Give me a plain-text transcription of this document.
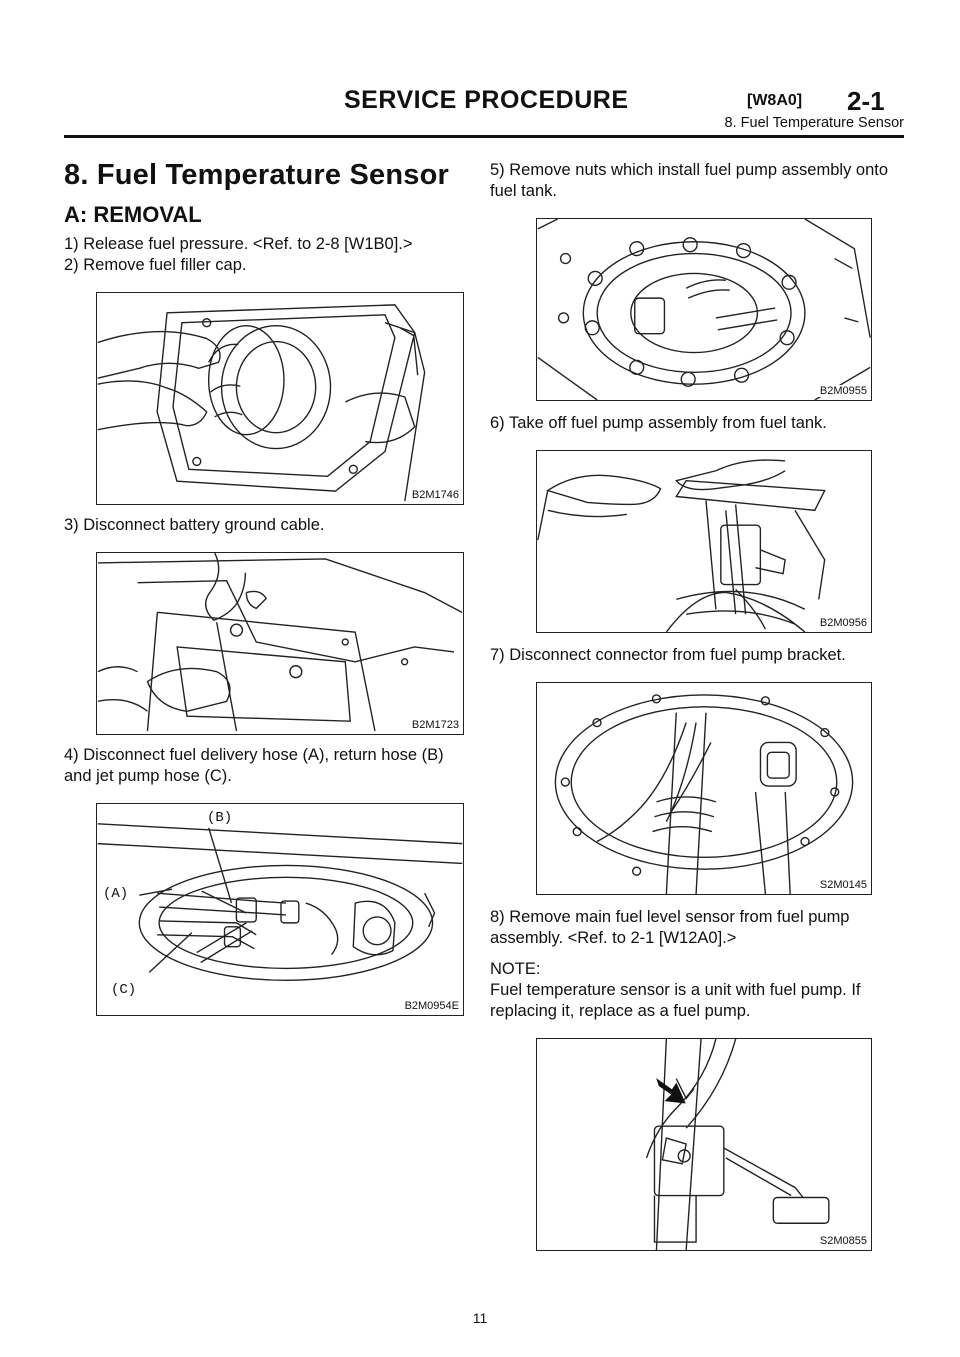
SERVICE PROCEDURE	[W8A0] 2-1
8. Fuel Temperature Sensor
8. Fuel Temperature Sensor
A: REMOVAL
1) Release fuel pressure. <Ref. to 2-8 [W1B0].>
2) Remove fuel filler cap.
B2M1746
3) Disconnect battery ground cable.
B2M1723
4) Disconnect fuel delivery hose (A), return hose (B) and jet pump hose (C).
(B)
(A)
(C)
B2M0954E
5) Remove nuts which install fuel pump assembly onto fuel tank.
B2M0955
6) Take off fuel pump assembly from fuel tank.
B2M0956
7) Disconnect connector from fuel pump bracket.
S2M0145
8) Remove main fuel level sensor from fuel pump assembly. <Ref. to 2-1 [W12A0].>
NOTE:
Fuel temperature sensor is a unit with fuel pump. If replacing it, replace as a fuel pump.
S2M0855
11
